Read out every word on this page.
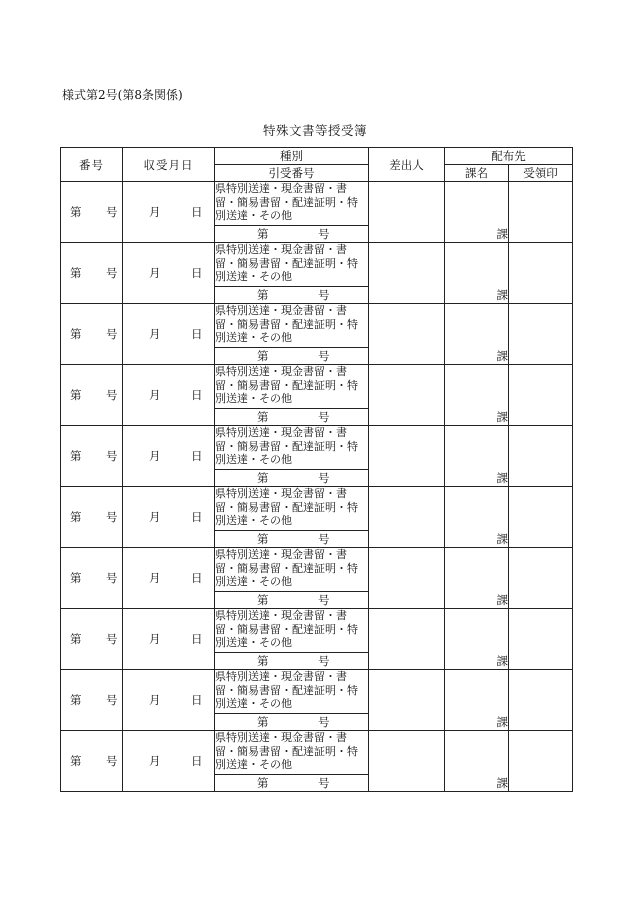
様式第2号(第8条関係)
特殊文書等授受簿
番号	収受月日	種別	差出人	配布先	
		引受番号		課名	受領印

第 号	月 日	県特別送達・現金書留・書留・簡易書留・配達証明・特別送達・その他		課	

		第 号			

第 号	月 日	県特別送達・現金書留・書留・簡易書留・配達証明・特別送達・その他		課	

		第 号			

第 号	月 日	県特別送達・現金書留・書留・簡易書留・配達証明・特別送達・その他		課	

		第 号			

第 号	月 日	県特別送達・現金書留・書留・簡易書留・配達証明・特別送達・その他		課	

		第 号			

第 号	月 日	県特別送達・現金書留・書留・簡易書留・配達証明・特別送達・その他		課	

		第 号			

第 号	月 日	県特別送達・現金書留・書留・簡易書留・配達証明・特別送達・その他		課	

		第 号			

第 号	月 日	県特別送達・現金書留・書留・簡易書留・配達証明・特別送達・その他		課	

		第 号			

第 号	月 日	県特別送達・現金書留・書留・簡易書留・配達証明・特別送達・その他		課	

		第 号			

第 号	月 日	県特別送達・現金書留・書留・簡易書留・配達証明・特別送達・その他		課	

		第 号			

第 号	月 日	県特別送達・現金書留・書留・簡易書留・配達証明・特別送達・その他		課	

		第 号			
